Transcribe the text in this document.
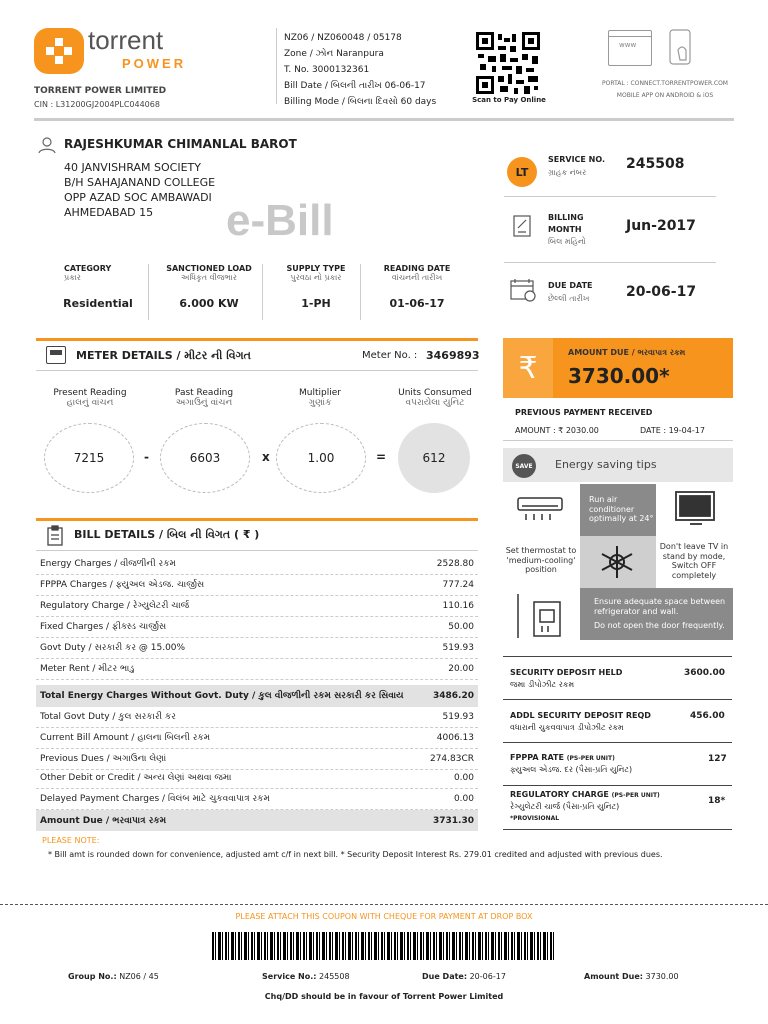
torrent
POWER
TORRENT POWER LIMITED
CIN : L31200GJ2004PLC044068
NZ06 / NZ060048 / 05178
Zone / ઝોન Naranpura
T. No. 3000132361
Bill Date / બિલની તારીખ 06-06-17
Billing Mode / બિલના દિવસો 60 days	Scan to Pay Online
www
PORTAL : CONNECT.TORRENTPOWER.COM
MOBILE APP ON ANDROID & iOS
RAJESHKUMAR CHIMANLAL BAROT
40 JANVISHRAM SOCIETY
B/H SAHAJANAND COLLEGE
OPP AZAD SOC AMBAWADI
AHMEDABAD 15	e-Bill
CATEGORY
પ્રકાર
Residential
SANCTIONED LOAD
અધિકૃત વીજભાર
6.000 KW
SUPPLY TYPE
પુરવઠા નો પ્રકાર
1-PH
READING DATE
વાંચનની તારીખ
01-06-17
LT
SERVICE NO.
ગ્રાહક નંબર
245508
BILLING
MONTH
બિલ મહિનો
Jun-2017
DUE DATE
છેલ્લી તારીખ	20-06-17
METER DETAILS / મીટર ની વિગત	Meter No. : 3469893
Present Reading
હાલનું વાંચન
Past Reading
અગાઉનું વાંચન
Multiplier
ગુણાંક
Units Consumed
વપરાયેલા યુનિટ
7215	-	6603	x	1.00	=	612
₹	AMOUNT DUE / ભરવાપાત્ર રકમ
3730.00*
PREVIOUS PAYMENT RECEIVED
AMOUNT : ₹ 2030.00	DATE : 19-04-17
SAVE	Energy saving tips
Run air conditioner optimally at 24°
Set thermostat to 'medium-cooling' position
Don't leave TV in stand by mode, Switch OFF completely
Ensure adequate space between refrigerator and wall.
Do not open the door frequently.
BILL DETAILS / બિલ ની વિગત ( ₹ )
Energy Charges / વીજળીની રકમ	2528.80
FPPPA Charges / ફ્યુઅલ એડજ. ચાર્જીસ	777.24
Regulatory Charge / રેગ્યુલેટરી ચાર્જ	110.16
Fixed Charges / ફીક્સ્ડ ચાર્જીસ	50.00
Govt Duty / સરકારી કર @ 15.00%	519.93
Meter Rent / મીટર ભાડુ	20.00
Total Energy Charges Without Govt. Duty / કુલ વીજળીની રકમ સરકારી કર સિવાય	3486.20
Total Govt Duty / કુલ સરકારી કર	519.93
Current Bill Amount / હાલના બિલની રકમ	4006.13
Previous Dues / અગાઉના લેણાં	274.83CR
Other Debit or Credit / અન્ય લેણાં અથવા જમા	0.00
Delayed Payment Charges / વિલંબ માટે ચુકવવાપાત્ર રકમ	0.00
Amount Due / ભરવાપાત્ર રકમ	3731.30
PLEASE NOTE:
* Bill amt is rounded down for convenience, adjusted amt c/f in next bill. * Security Deposit Interest Rs. 279.01 credited and adjusted with previous dues.
SECURITY DEPOSIT HELD
જમા ડીપોઝીટ રકમ
3600.00
ADDL SECURITY DEPOSIT REQD
વધારાની ચુકવવાપાત્ર ડીપોઝીટ રકમ
456.00
FPPPA RATE (PS-PER UNIT)
ફ્યુઅલ એડજ. દર (પૈસા-પ્રતિ યુનિટ)
127
REGULATORY CHARGE (PS-PER UNIT)
રેગ્યુલેટરી ચાર્જ (પૈસા-પ્રતિ યુનિટ)
*PROVISIONAL
18*
PLEASE ATTACH THIS COUPON WITH CHEQUE FOR PAYMENT AT DROP BOX
Group No.: NZ06 / 45	Service No.: 245508	Due Date: 20-06-17	Amount Due: 3730.00
Chq/DD should be in favour of Torrent Power Limited
